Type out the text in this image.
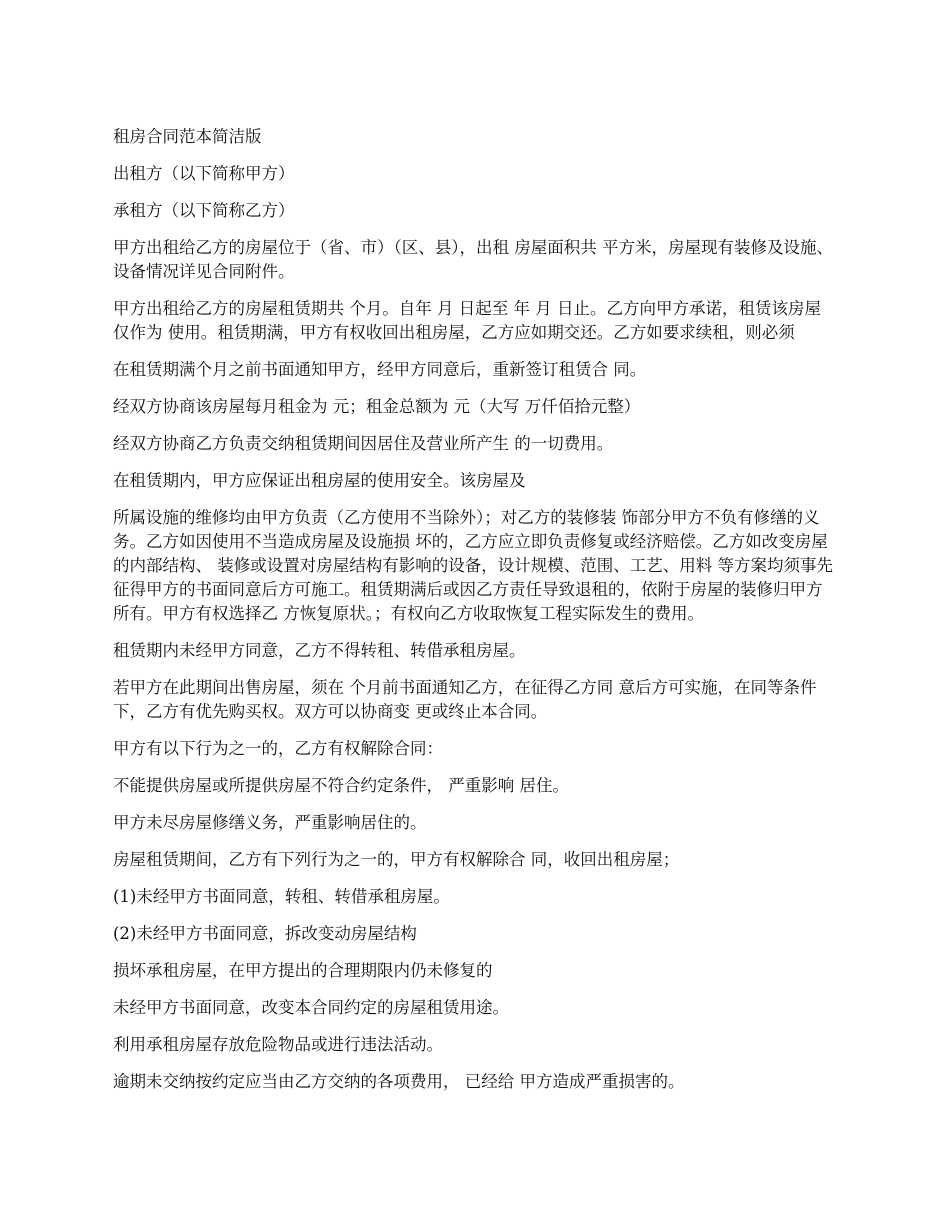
租房合同范本简洁版

出租方（以下简称甲方）

承租方（以下简称乙方）

甲方出租给乙方的房屋位于（省、市）（区、县），出租 房屋面积共 平方米，房屋现有装修及设施、设备情况详见合同附件。

甲方出租给乙方的房屋租赁期共 个月。自年 月 日起至 年 月 日止。乙方向甲方承诺，租赁该房屋仅作为 使用。租赁期满，甲方有权收回出租房屋，乙方应如期交还。乙方如要求续租，则必须

在租赁期满个月之前书面通知甲方，经甲方同意后，重新签订租赁合 同。

经双方协商该房屋每月租金为 元；租金总额为 元（大写 万仟佰拾元整）

经双方协商乙方负责交纳租赁期间因居住及营业所产生 的一切费用。

在租赁期内，甲方应保证出租房屋的使用安全。该房屋及

所属设施的维修均由甲方负责（乙方使用不当除外）；对乙方的装修装 饰部分甲方不负有修缮的义务。乙方如因使用不当造成房屋及设施损 坏的，乙方应立即负责修复或经济赔偿。乙方如改变房屋的内部结构、 装修或设置对房屋结构有影响的设备，设计规模、范围、工艺、用料 等方案均须事先征得甲方的书面同意后方可施工。租赁期满后或因乙方责任导致退租的，依附于房屋的装修归甲方所有。甲方有权选择乙 方恢复原状。；有权向乙方收取恢复工程实际发生的费用。

租赁期内未经甲方同意，乙方不得转租、转借承租房屋。

若甲方在此期间出售房屋，须在 个月前书面通知乙方，在征得乙方同 意后方可实施，在同等条件下，乙方有优先购买权。双方可以协商变 更或终止本合同。

甲方有以下行为之一的，乙方有权解除合同：

不能提供房屋或所提供房屋不符合约定条件， 严重影响 居住。

甲方未尽房屋修缮义务，严重影响居住的。

房屋租赁期间，乙方有下列行为之一的，甲方有权解除合 同，收回出租房屋；

(1)未经甲方书面同意，转租、转借承租房屋。

(2)未经甲方书面同意，拆改变动房屋结构

损坏承租房屋，在甲方提出的合理期限内仍未修复的

未经甲方书面同意，改变本合同约定的房屋租赁用途。

利用承租房屋存放危险物品或进行违法活动。

逾期未交纳按约定应当由乙方交纳的各项费用， 已经给 甲方造成严重损害的。
